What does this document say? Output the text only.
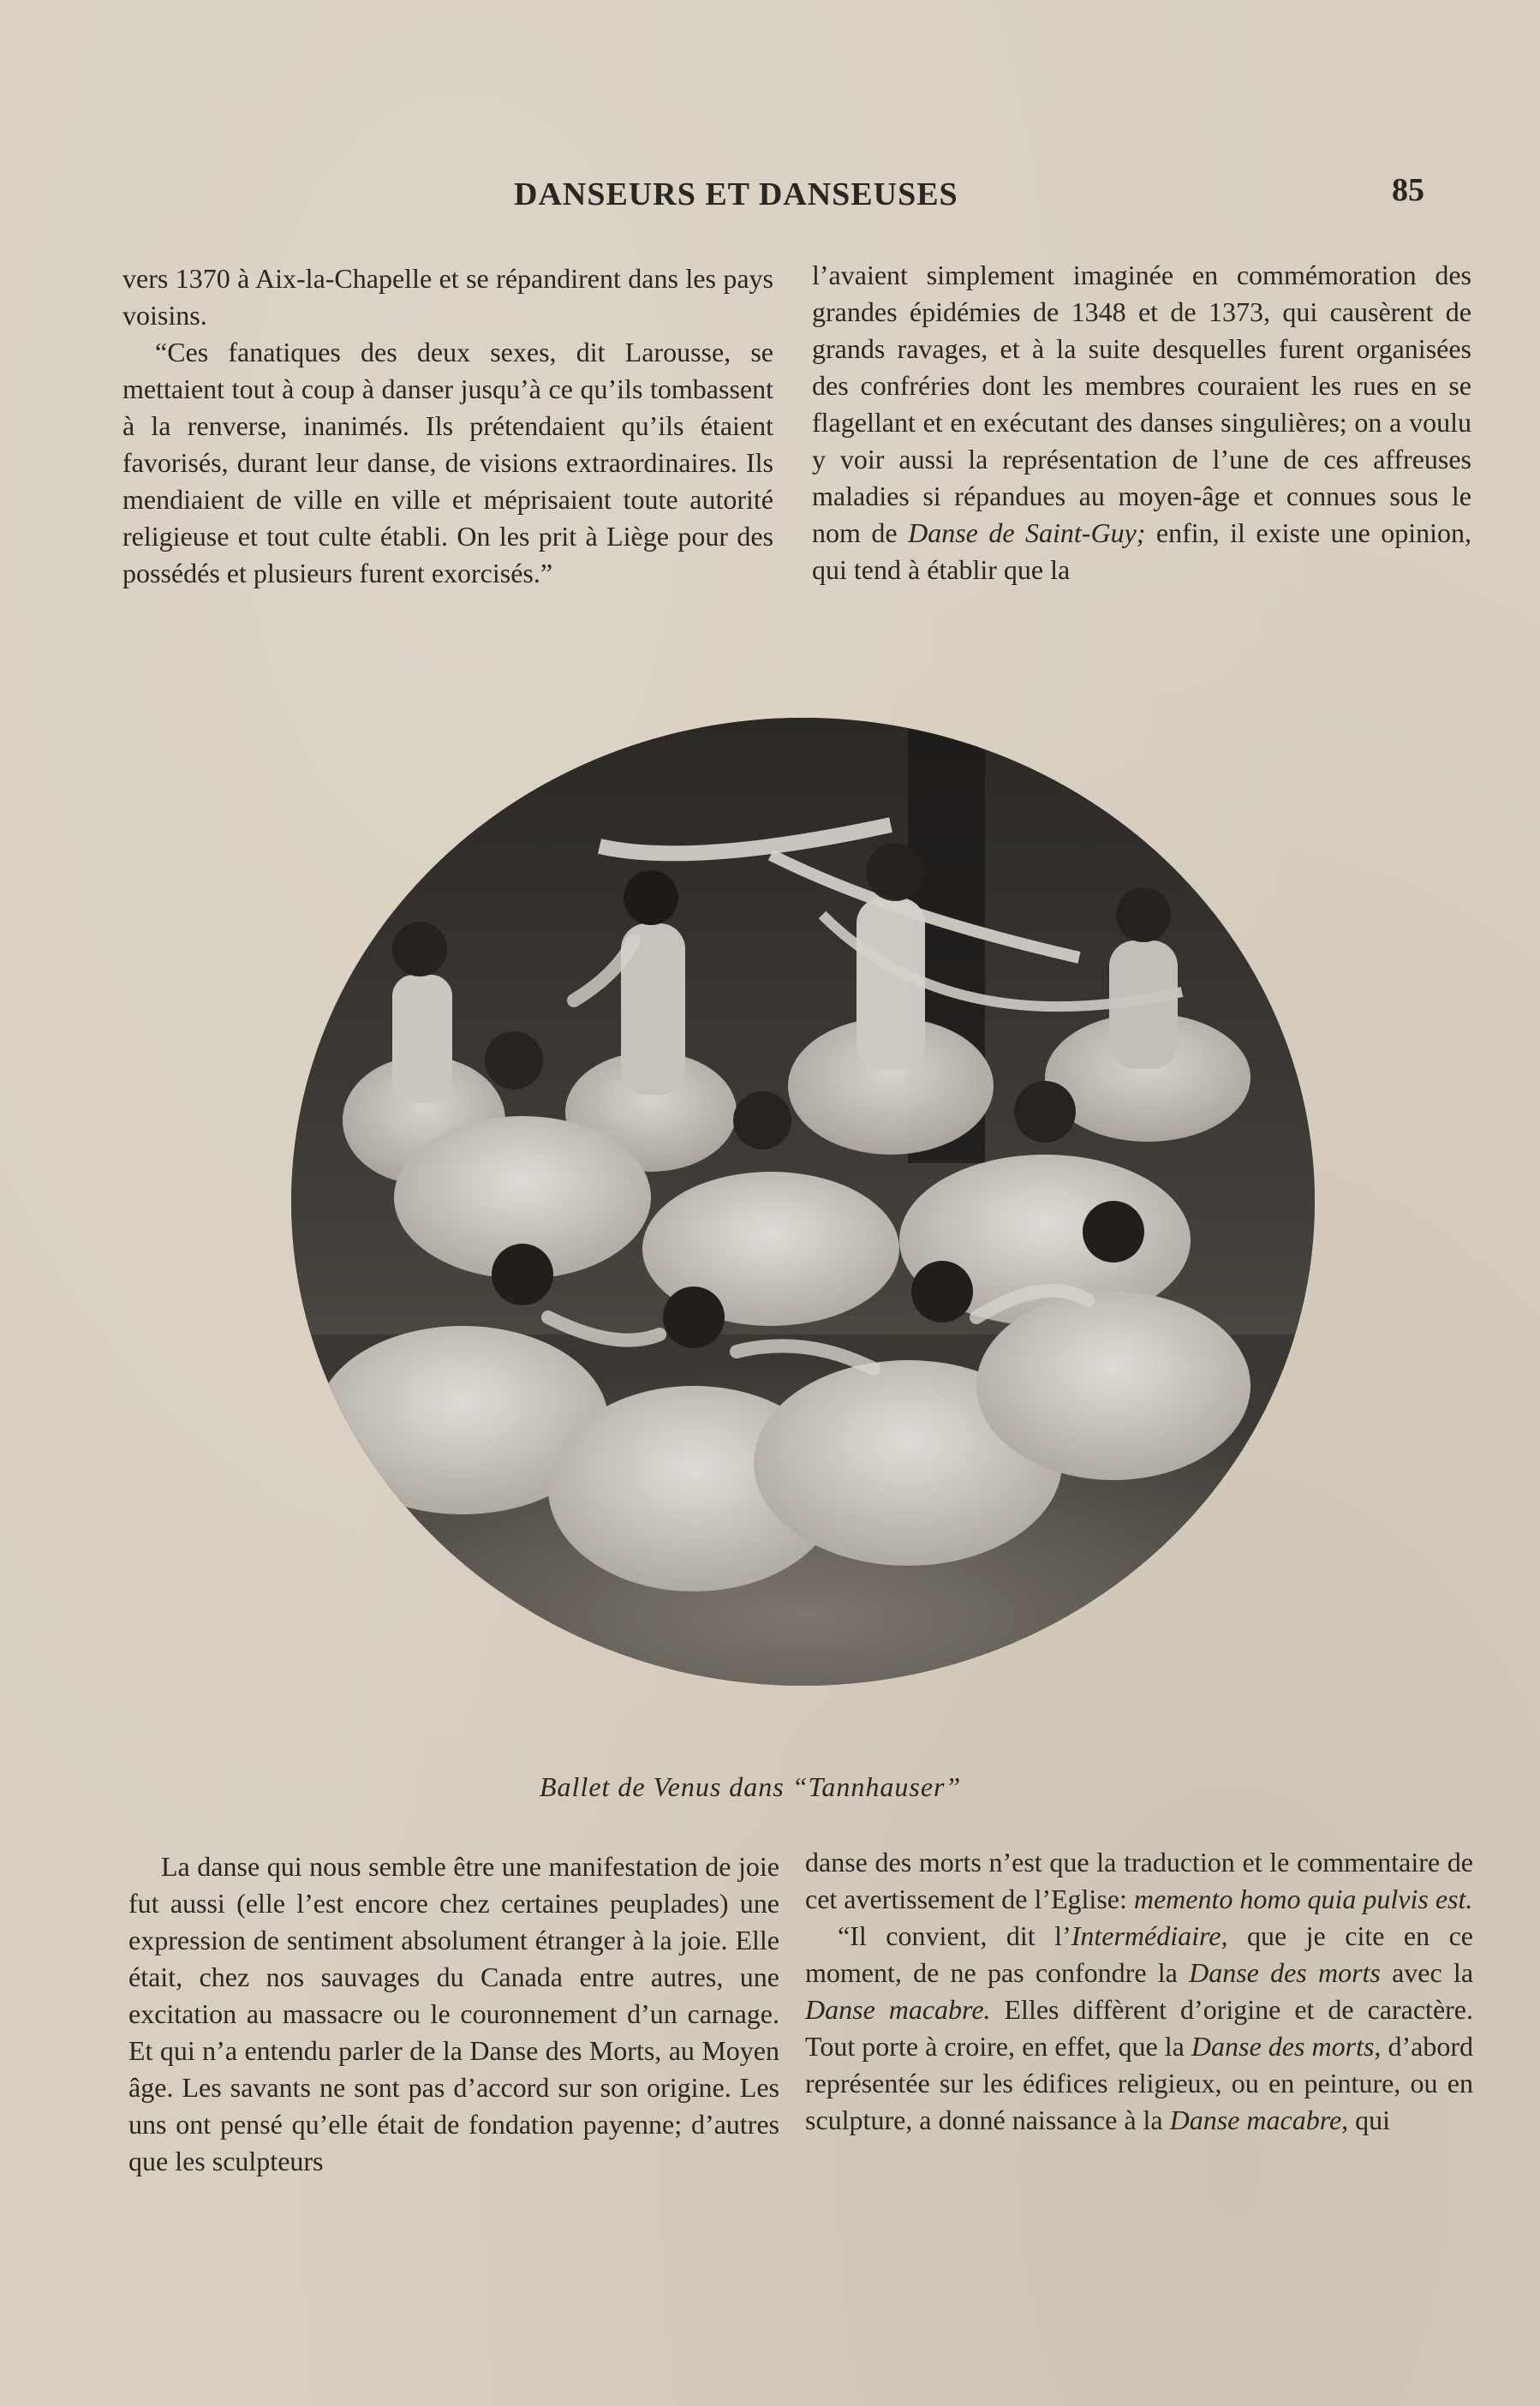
DANSEURS ET DANSEUSES	85

vers 1370 à Aix-la-Chapelle et se répandirent dans les pays voisins.

“Ces fanatiques des deux sexes, dit Larousse, se mettaient tout à coup à danser jusqu’à ce qu’ils tombassent à la renverse, inanimés. Ils prétendaient qu’ils étaient favorisés, durant leur danse, de visions extraordinaires. Ils mendiaient de ville en ville et méprisaient toute autorité religieuse et tout culte établi. On les prit à Liège pour des possédés et plusieurs furent exorcisés.”

l’avaient simplement imaginée en commémoration des grandes épidémies de 1348 et de 1373, qui causèrent de grands ravages, et à la suite desquelles furent organisées des confréries dont les membres couraient les rues en se flagellant et en exécutant des danses singulières; on a voulu y voir aussi la représentation de l’une de ces affreuses maladies si répandues au moyen-âge et connues sous le nom de Danse de Saint-Guy; enfin, il existe une opinion, qui tend à établir que la

Ballet de Venus dans “Tannhauser”

La danse qui nous semble être une manifestation de joie fut aussi (elle l’est encore chez certaines peuplades) une expression de sentiment absolument étranger à la joie. Elle était, chez nos sauvages du Canada entre autres, une excitation au massacre ou le couronnement d’un carnage. Et qui n’a entendu parler de la Danse des Morts, au Moyen âge. Les savants ne sont pas d’accord sur son origine. Les uns ont pensé qu’elle était de fondation payenne; d’autres que les sculpteurs

danse des morts n’est que la traduction et le commentaire de cet avertissement de l’Eglise: memento homo quia pulvis est.

“Il convient, dit l’Intermédiaire, que je cite en ce moment, de ne pas confondre la Danse des morts avec la Danse macabre. Elles diffèrent d’origine et de caractère. Tout porte à croire, en effet, que la Danse des morts, d’abord représentée sur les édifices religieux, ou en peinture, ou en sculpture, a donné naissance à la Danse macabre, qui
